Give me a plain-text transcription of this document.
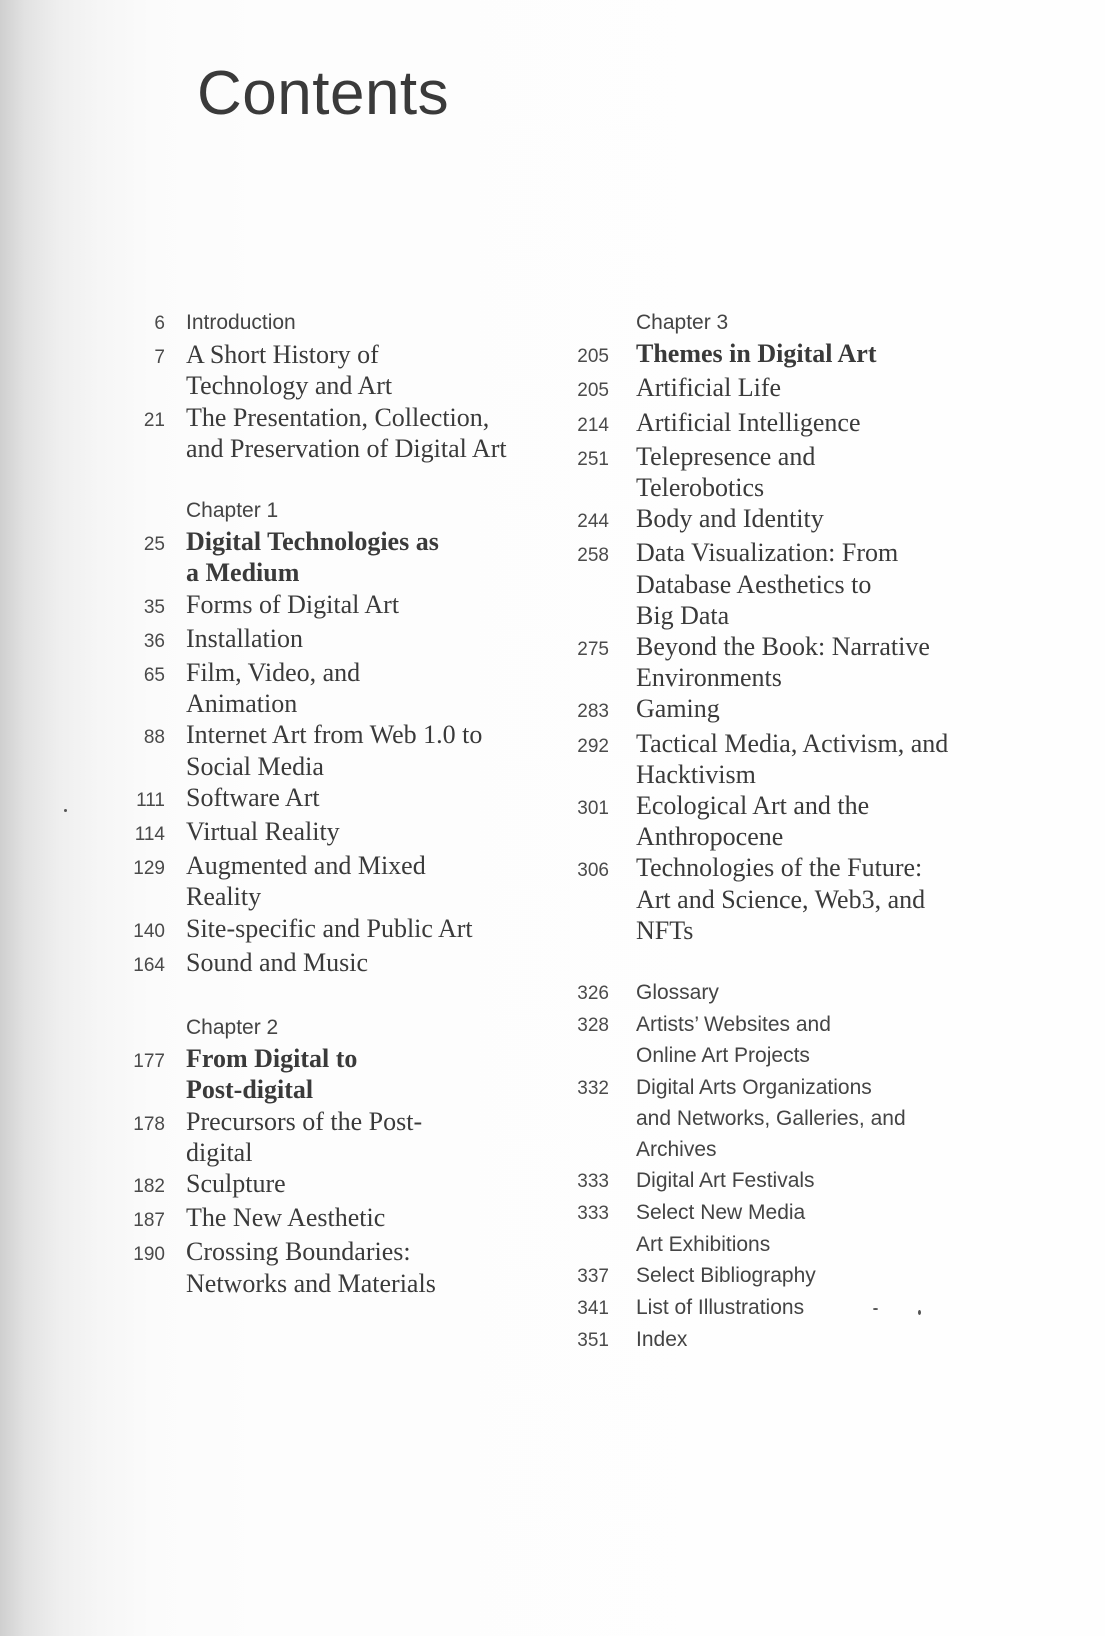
Contents
6	Introduction
7 A Short History of Technology and Art
21 The Presentation, Collection, and Preservation of Digital Art
Chapter 1
25 Digital Technologies as a Medium
35 Forms of Digital Art
36 Installation
65 Film, Video, and Animation
88 Internet Art from Web 1.0 to Social Media
111 Software Art
114 Virtual Reality
129 Augmented and Mixed Reality
140 Site-specific and Public Art
164 Sound and Music
Chapter 2
177 From Digital to Post-digital
178 Precursors of the Post-digital
182 Sculpture
187 The New Aesthetic
190 Crossing Boundaries: Networks and Materials
Chapter 3
205	Themes in Digital Art
205	Artificial Life
214	Artificial Intelligence
251	Telepresence and Telerobotics
244	Body and Identity
258	Data Visualization: From Database Aesthetics to Big Data
275	Beyond the Book: Narrative Environments
283	Gaming
292	Tactical Media, Activism, and Hacktivism
301	Ecological Art and the Anthropocene
306	Technologies of the Future: Art and Science, Web3, and NFTs
326	Glossary
328	Artists’ Websites and Online Art Projects
332	Digital Arts Organizations and Networks, Galleries, and Archives
333	Digital Art Festivals
333	Select New Media Art Exhibitions
337	Select Bibliography
341	List of Illustrations
351	Index
